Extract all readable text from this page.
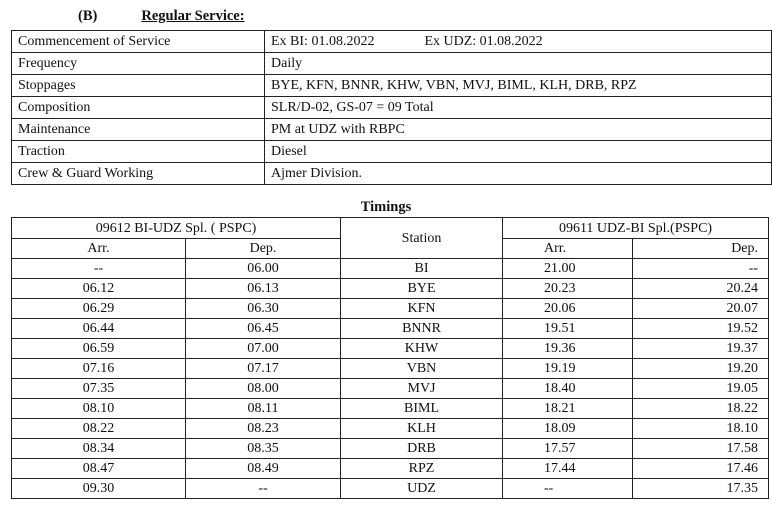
(B)	Regular Service:
Commencement of Service	Ex BI: 01.08.2022 Ex UDZ: 01.08.2022
Frequency	Daily
Stoppages	BYE, KFN, BNNR, KHW, VBN, MVJ, BIML, KLH, DRB, RPZ
Composition	SLR/D-02, GS-07 = 09 Total
Maintenance	PM at UDZ with RBPC
Traction	Diesel
Crew & Guard Working	Ajmer Division.
Timings
09612 BI-UDZ Spl. ( PSPC)		Station	09611 UDZ-BI Spl.(PSPC)	
Arr.	Dep.		Arr.	Dep.
--	06.00	BI	21.00	--
06.12	06.13	BYE	20.23	20.24
06.29	06.30	KFN	20.06	20.07
06.44	06.45	BNNR	19.51	19.52
06.59	07.00	KHW	19.36	19.37
07.16	07.17	VBN	19.19	19.20
07.35	08.00	MVJ	18.40	19.05
08.10	08.11	BIML	18.21	18.22
08.22	08.23	KLH	18.09	18.10
08.34	08.35	DRB	17.57	17.58
08.47	08.49	RPZ	17.44	17.46
09.30	--	UDZ	--	17.35
